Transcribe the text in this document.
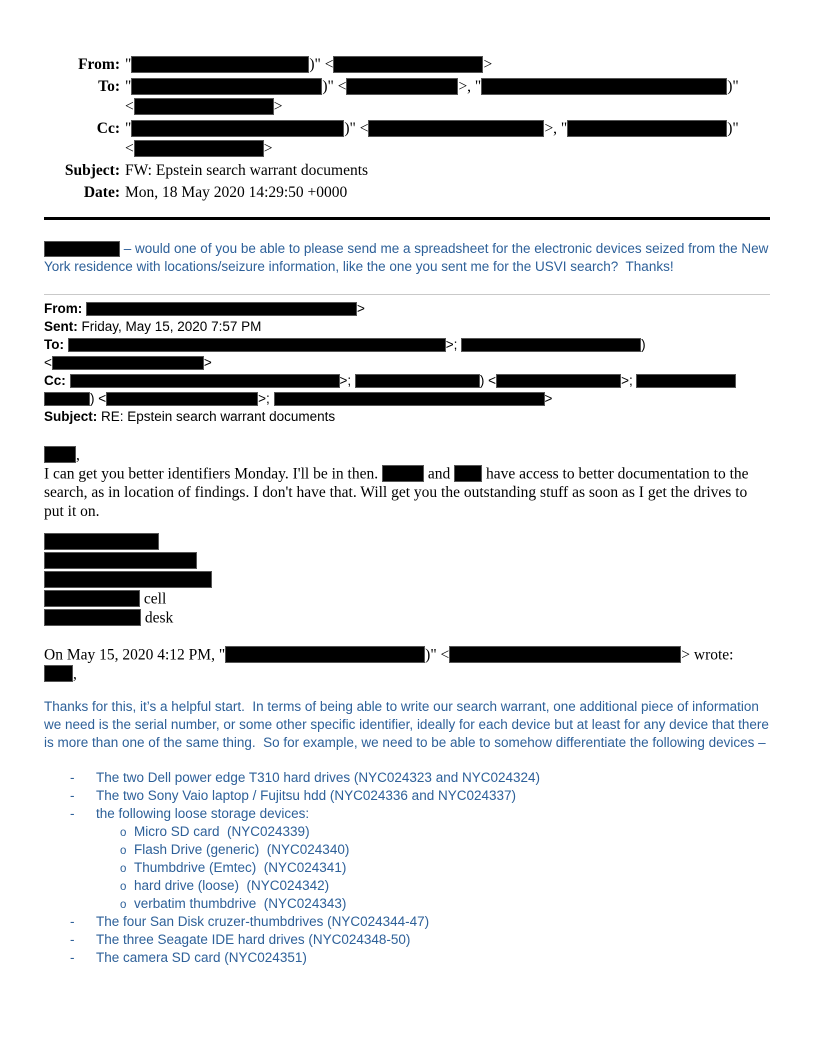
From: "	)" <	>
To: "	)" <	>, "	)"
<	>
Cc: "	)" <	>, "	)"
<	>
Subject: FW: Epstein search warrant documents
Date: Mon, 18 May 2020 14:29:50 +0000
– would one of you be able to please send me a spreadsheet for the electronic devices seized from the New York residence with locations/seizure information, like the one you sent me for the USVI search?  Thanks!
From:	>
Sent: Friday, May 15, 2020 7:57 PM
To:	>;	)
<	>
Cc:	>;	) <	>;
) <	>;	>
Subject: RE: Epstein search warrant documents
,

I can get you better identifiers Monday. I'll be in then.	and  have access to better documentation to the search, as in location of findings. I don't have that. Will get you the outstanding stuff as soon as I get the drives to put it on.

cell
desk
On May 15, 2020 4:12 PM, "	)" <	> wrote:
,
Thanks for this, it’s a helpful start.  In terms of being able to write our search warrant, one additional piece of information we need is the serial number, or some other specific identifier, ideally for each device but at least for any device that there is more than one of the same thing.  So for example, we need to be able to somehow differentiate the following devices –
- The two Dell power edge T310 hard drives (NYC024323 and NYC024324)
- The two Sony Vaio laptop / Fujitsu hdd (NYC024336 and NYC024337)
- the following loose storage devices:
o Micro SD card  (NYC024339)
o Flash Drive (generic)  (NYC024340)
o Thumbdrive (Emtec)  (NYC024341)
o hard drive (loose)  (NYC024342)
o verbatim thumbdrive  (NYC024343)
- The four San Disk cruzer-thumbdrives (NYC024344-47)
- The three Seagate IDE hard drives (NYC024348-50)
- The camera SD card (NYC024351)
